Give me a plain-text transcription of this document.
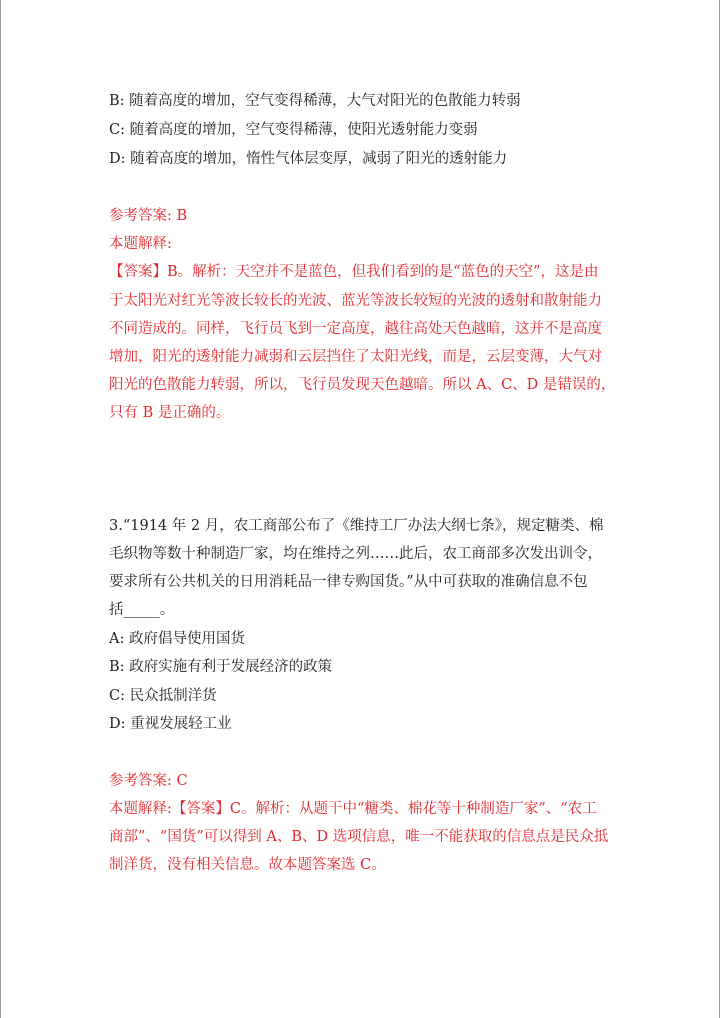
B: 随着高度的增加，空气变得稀薄，大气对阳光的色散能力转弱

C: 随着高度的增加，空气变得稀薄，使阳光透射能力变弱

D: 随着高度的增加，惰性气体层变厚，减弱了阳光的透射能力

参考答案: B

本题解释:

【答案】B。解析：天空并不是蓝色，但我们看到的是“蓝色的天空”，这是由

于太阳光对红光等波长较长的光波、蓝光等波长较短的光波的透射和散射能力

不同造成的。同样，飞行员飞到一定高度，越往高处天色越暗，这并不是高度

增加，阳光的透射能力减弱和云层挡住了太阳光线，而是，云层变薄，大气对

阳光的色散能力转弱，所以，飞行员发现天色越暗。所以 A、C、D 是错误的，

只有 B 是正确的。

3.“1914 年 2 月，农工商部公布了《维持工厂办法大纲七条》，规定糖类、棉

毛织物等数十种制造厂家，均在维持之列……此后，农工商部多次发出训令，

要求所有公共机关的日用消耗品一律专购国货。”从中可获取的准确信息不包

括_____。

A: 政府倡导使用国货

B: 政府实施有利于发展经济的政策

C: 民众抵制洋货

D: 重视发展轻工业

参考答案: C

本题解释:【答案】C。解析：从题干中“糖类、棉花等十种制造厂家”、“农工

商部”、“国货”可以得到 A、B、D 选项信息，唯一不能获取的信息点是民众抵

制洋货，没有相关信息。故本题答案选 C。
